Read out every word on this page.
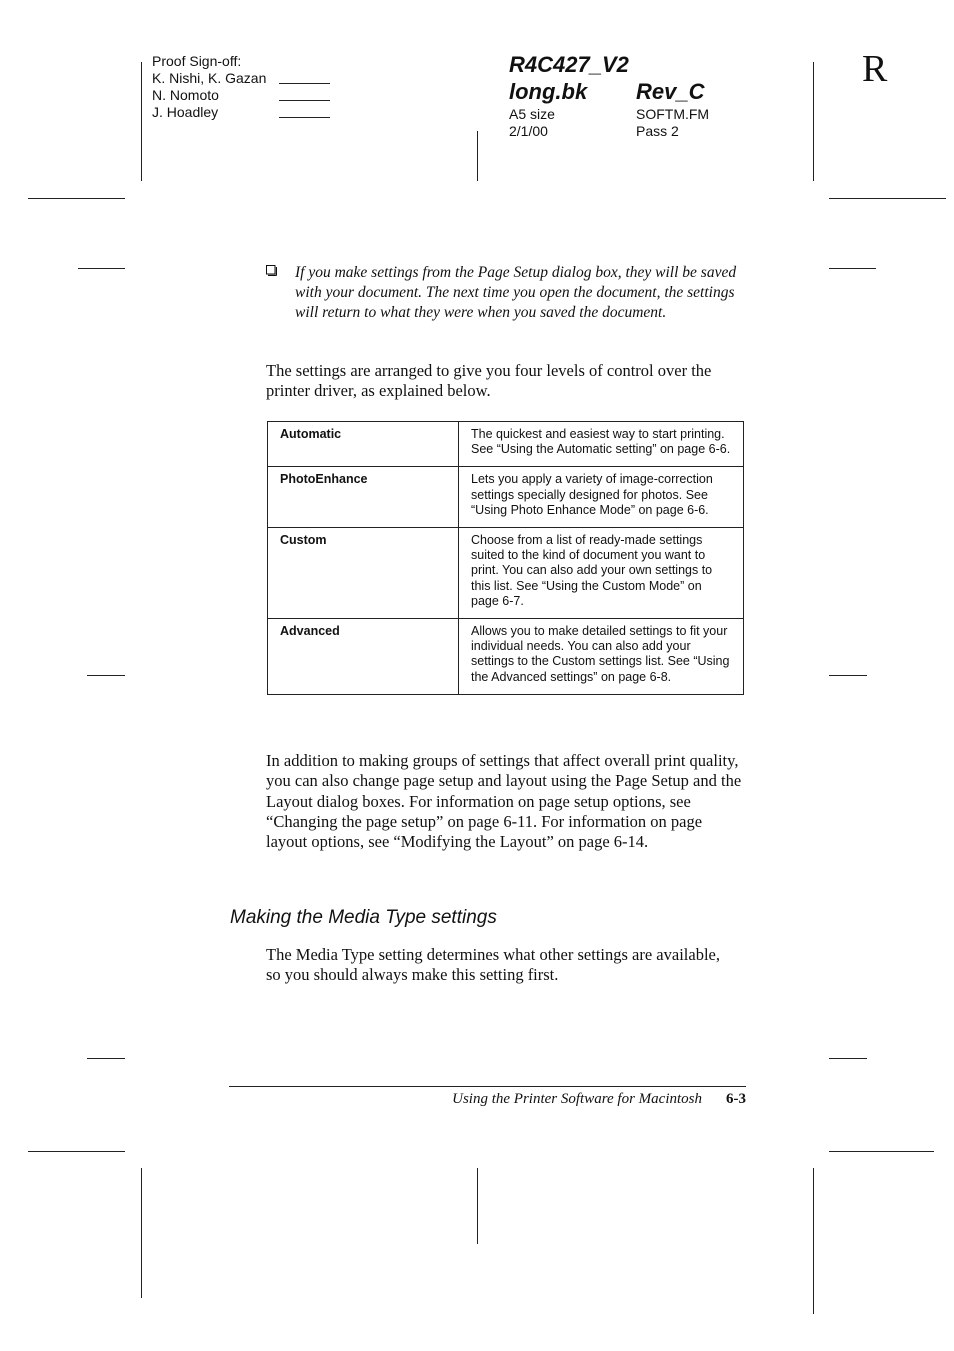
Proof Sign-off:
K. Nishi, K. Gazan
N. Nomoto
J. Hoadley
R4C427_V2
long.bk	Rev_C
A5 size	SOFTM.FM
2/1/00	Pass 2
R
If you make settings from the Page Setup dialog box, they will be saved with your document. The next time you open the document, the settings will return to what they were when you saved the document.
The settings are arranged to give you four levels of control over the printer driver, as explained below.
Automatic	The quickest and easiest way to start printing. See “Using the Automatic setting” on page 6-6.
PhotoEnhance	Lets you apply a variety of image-correction settings specially designed for photos. See “Using Photo Enhance Mode” on page 6-6.
Custom	Choose from a list of ready-made settings suited to the kind of document you want to print. You can also add your own settings to this list. See “Using the Custom Mode” on page 6-7.
Advanced	Allows you to make detailed settings to fit your individual needs. You can also add your settings to the Custom settings list. See “Using the Advanced settings” on page 6-8.
In addition to making groups of settings that affect overall print quality, you can also change page setup and layout using the Page Setup and the Layout dialog boxes. For information on page setup options, see “Changing the page setup” on page 6-11. For information on page layout options, see “Modifying the Layout” on page 6-14.
Making the Media Type settings
The Media Type setting determines what other settings are available, so you should always make this setting first.
Using the Printer Software for Macintosh 6-3
